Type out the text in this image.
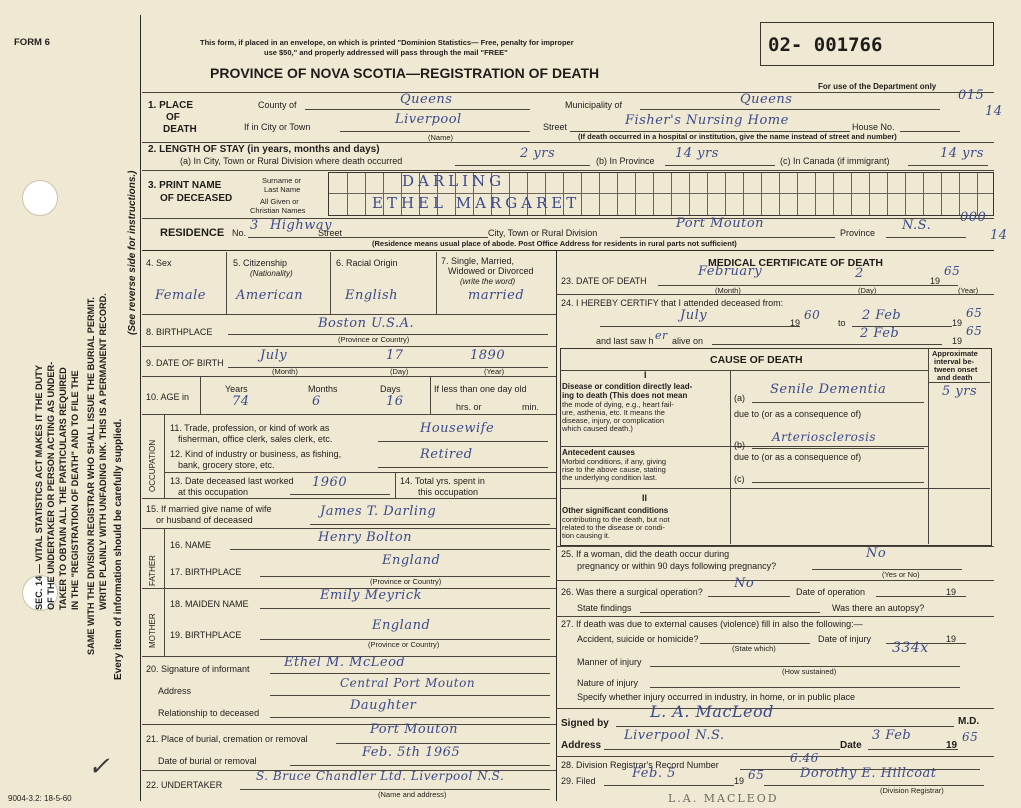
SEC. 14 — VITAL STATISTICS ACT MAKES IT THE DUTY OF THE UNDERTAKER OR PERSON ACTING AS UNDER- TAKER TO OBTAIN ALL THE PARTICULARS REQUIRED IN THE "REGISTRATION OF DEATH" AND TO FILE THE SAME WITH THE DIVISION REGISTRAR WHO SHALL ISSUE THE BURIAL PERMIT. WRITE PLAINLY WITH UNFADING INK. THIS IS A PERMANENT RECORD. Every item of information should be carefully supplied.
(See reverse side for instructions.)
✓
FORM 6	This form, if placed in an envelope, on which is printed "Dominion Statistics— Free, penalty for improper
use $50," and properly addressed will pass through the mail "FREE"
PROVINCE OF NOVA SCOTIA—REGISTRATION OF DEATH
02- 001766
For use of the Department only
1. PLACE
OF
DEATH
County of	Queens	Municipality of	Queens	015
14
If in City or Town	Liverpool
(Name)
Street	Fisher's Nursing Home	House No.
(If death occurred in a hospital or institution, give the name instead of street and number)
2. LENGTH OF STAY (in years, months and days)
(a) In City, Town or Rural Division where death occurred	2 yrs	(b) In Province 14 yrs	(c) In Canada (if immigrant)	14 yrs
3. PRINT NAME
OF DECEASED
Surname or
Last Name
All Given or
Christian Names
DARLING
ETHEL MARGARET
RESIDENCE No. 3 Highway
Street	City, Town or Rural Division
Port Mouton
Province N.S.
000
14
(Residence means usual place of abode. Post Office Address for residents in rural parts not sufficient)
4. Sex	5. Citizenship
(Nationality)
6. Racial Origin	7. Single, Married,
Widowed or Divorced
(write the word)
Female American	English	married
8. BIRTHPLACE
Boston U.S.A.
(Province or Country)
9. DATE OF BIRTH	July	17	1890
(Month)	(Day)	(Year)
10. AGE in
Years	Months	Days	If less than one day old
74	6	16	hrs. or	min.
OCCUPATION
11. Trade, profession, or kind of work as
fisherman, office clerk, sales clerk, etc.
Housewife
12. Kind of industry or business, as fishing,
bank, grocery store, etc.
Retired
13. Date deceased last worked
at this occupation
1960	14. Total yrs. spent in
this occupation
15. If married give name of wife
or husband of deceased
James T. Darling
FATHER
16. NAME	Henry Bolton
17. BIRTHPLACE
England
(Province or Country)
MOTHER
18. MAIDEN NAME
Emily Meyrick
19. BIRTHPLACE
England
(Province or Country)
20. Signature of informant	Ethel M. McLeod
Address
Central Port Mouton
Relationship to deceased	Daughter
21. Place of burial, cremation or removal
Port Mouton
Date of burial or removal
Feb. 5th 1965
22. UNDERTAKER
S. Bruce Chandler Ltd. Liverpool N.S.
(Name and address)
9004-3.2: 18-5-60
MEDICAL CERTIFICATE OF DEATH
23. DATE OF DEATH
February	2	19
65
(Month)	(Day)	(Year)
24. I HEREBY CERTIFY that I attended deceased from:
July	19
60
to 2 Feb	19
65
and last saw h er alive on	2 Feb	19
65
CAUSE OF DEATH
Approximate
interval be-
tween onset
and death
I
Disease or condition directly lead-
ing to death (This does not mean
the mode of dying, e.g., heart fail-
ure, asthenia, etc. It means the
disease, injury, or complication
which caused death.)
(a)
Senile Dementia	5 yrs
due to (or as a consequence of)
Antecedent causes
Morbid conditions, if any, giving
rise to the above cause, stating
the underlying condition last.
(b)
Arteriosclerosis
due to (or as a consequence of)
(c)
II
Other significant conditions
contributing to the death, but not
related to the disease or condi-
tion causing it.
25. If a woman, did the death occur during
pregnancy or within 90 days following pregnancy?
No
(Yes or No)
26. Was there a surgical operation?
No
Date of operation	19
State findings	Was there an autopsy?
27. If death was due to external causes (violence) fill in also the following:—
Accident, suicide or homicide?
(State which)
Date of injury	19
334x
Manner of injury
(How sustained)
Nature of injury
Specify whether injury occurred in industry, in home, or in public place
Signed by
L. A. MacLeod
M.D.
Address
Liverpool N.S.
Date
3 Feb
19
65
28. Division Registrar's Record Number	6.46
29. Filed	Feb. 5	19 65	Dorothy E. Hillcoat
(Division Registrar)
L.A. MACLEOD
